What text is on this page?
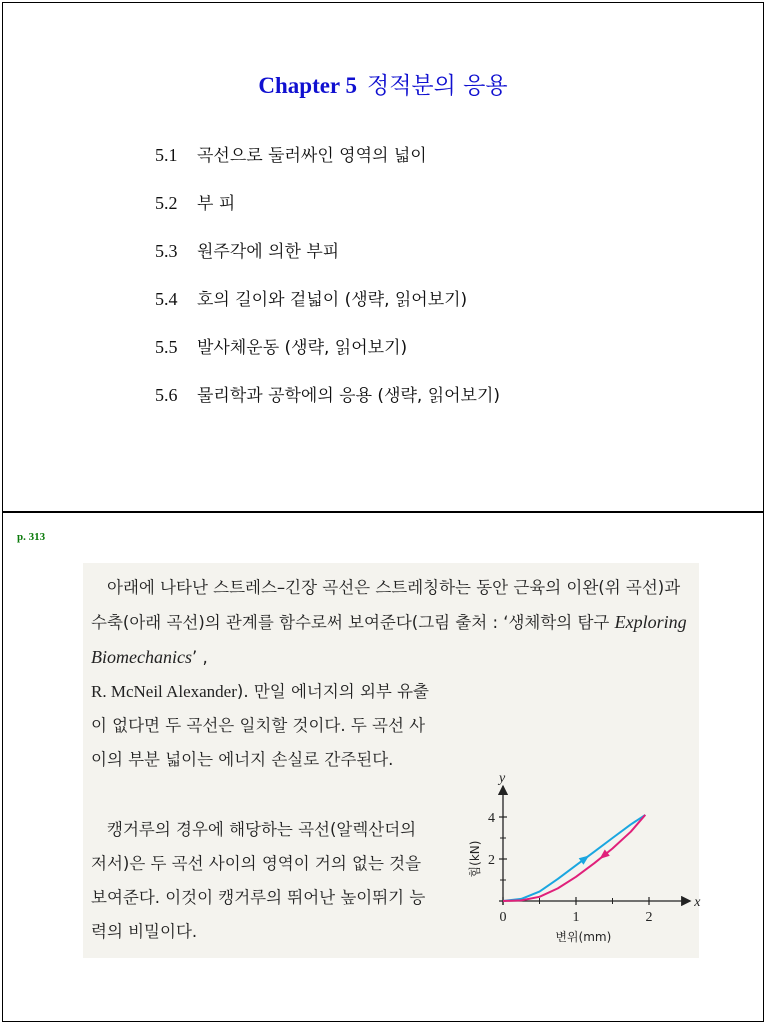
Chapter 5 정적분의 응용
5.1 곡선으로 둘러싸인 영역의 넓이
5.2 부 피
5.3 원주각에 의한 부피
5.4 호의 길이와 겉넓이 (생략, 읽어보기)
5.5 발사체운동 (생략, 읽어보기)
5.6 물리학과 공학에의 응용 (생략, 읽어보기)
p. 313

아래에 나타난 스트레스–긴장 곡선은 스트레칭하는 동안 근육의 이완(위 곡선)과 수축(아래 곡선)의 관계를 함수로써 보여준다(그림 출처 : ‘생체학의 탐구 Exploring Biomechanics’ ,

R. McNeil Alexander). 만일 에너지의 외부 유출이 없다면 두 곡선은 일치할 것이다. 두 곡선 사이의 부분 넓이는 에너지 손실로 간주된다.

캥거루의 경우에 해당하는 곡선(알렉산더의 저서)은 두 곡선 사이의 영역이 거의 없는 것을 보여준다. 이것이 캥거루의 뛰어난 높이뛰기 능력의 비밀이다.

0	1	2
2
4
x
y
변위(mm)
힘(kN)
